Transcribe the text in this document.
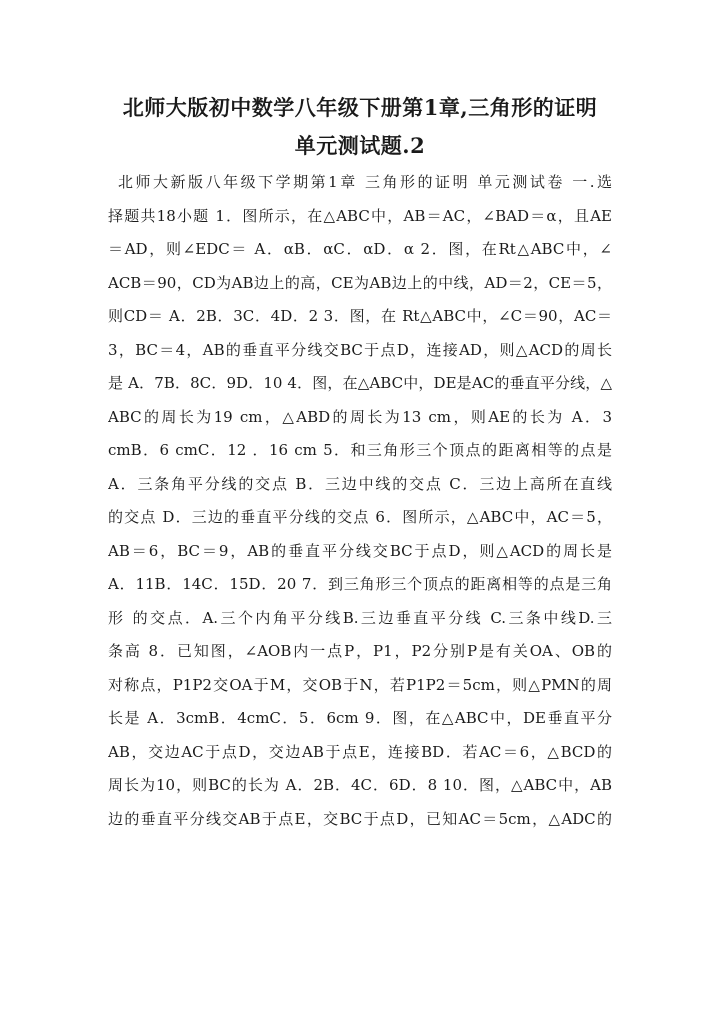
北师大版初中数学八年级下册第1章,三角形的证明
单元测试题.2
北师大新版八年级下学期第1章 三角形的证明 单元测试卷 一.选
择题共18小题 1．图所示，在△ABC中，AB＝AC，∠BAD＝α，且AE
＝AD，则∠EDC＝ A．αB．αC．αD．α 2．图，在Rt△ABC中，∠
ACB＝90，CD为AB边上的高，CE为AB边上的中线，AD＝2，CE＝5，
则CD＝ A．2B．3C．4D．2 3．图，在 Rt△ABC中，∠C＝90，AC＝
3，BC＝4，AB的垂直平分线交BC于点D，连接AD，则△ACD的周长
是 A．7B．8C．9D．10 4．图，在△ABC中，DE是AC的垂直平分线，△
ABC的周长为19 cm，△ABD的周长为13 cm，则AE的长为 A．3
cmB．6 cmC．12 ．16 cm 5．和三角形三个顶点的距离相等的点是
A．三条角平分线的交点 B．三边中线的交点 C．三边上高所在直线
的交点 D．三边的垂直平分线的交点 6．图所示，△ABC中，AC＝5，
AB＝6，BC＝9，AB的垂直平分线交BC于点D，则△ACD的周长是
A．11B．14C．15D．20 7．到三角形三个顶点的距离相等的点是三角
形 的交点．A.三个内角平分线B.三边垂直平分线 C.三条中线D.三
条高 8．已知图，∠AOB内一点P，P1，P2分别P是有关OA、OB的
对称点，P1P2交OA于M，交OB于N，若P1P2＝5cm，则△PMN的周
长是 A．3cmB．4cmC．5．6cm 9．图，在△ABC中，DE垂直平分
AB，交边AC于点D，交边AB于点E，连接BD．若AC＝6，△BCD的
周长为10，则BC的长为 A．2B．4C．6D．8 10．图，△ABC中，AB
边的垂直平分线交AB于点E，交BC于点D，已知AC＝5cm，△ADC的
